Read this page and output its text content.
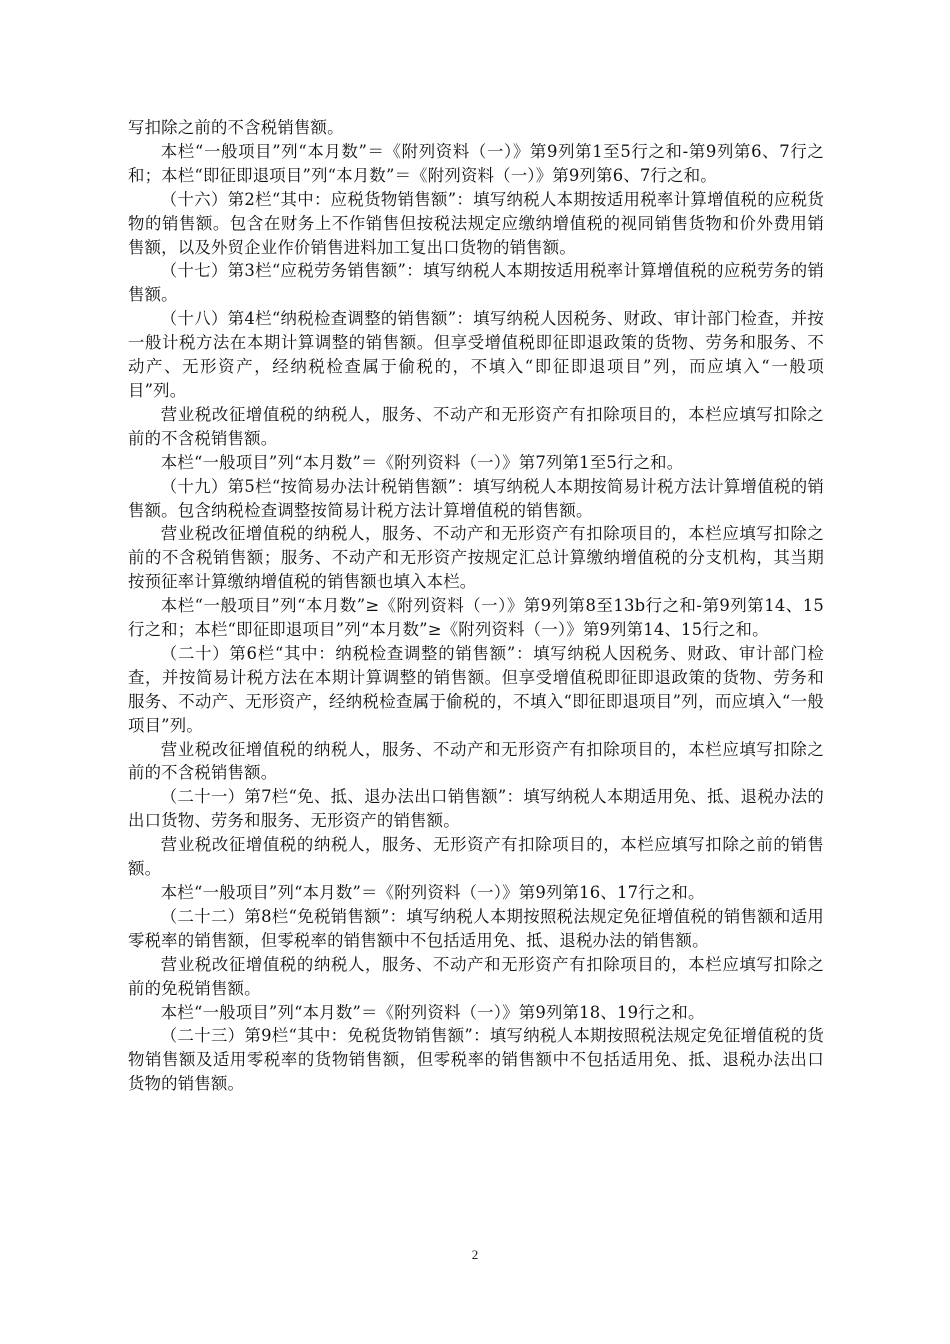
写扣除之前的不含税销售额。

本栏“一般项目”列“本月数”＝《附列资料（一）》第9列第1至5行之和-第9列第6、7行之和；本栏“即征即退项目”列“本月数”＝《附列资料（一）》第9列第6、7行之和。

（十六）第2栏“其中：应税货物销售额”：填写纳税人本期按适用税率计算增值税的应税货物的销售额。包含在财务上不作销售但按税法规定应缴纳增值税的视同销售货物和价外费用销售额，以及外贸企业作价销售进料加工复出口货物的销售额。

（十七）第3栏“应税劳务销售额”：填写纳税人本期按适用税率计算增值税的应税劳务的销售额。

（十八）第4栏“纳税检查调整的销售额”：填写纳税人因税务、财政、审计部门检查，并按一般计税方法在本期计算调整的销售额。但享受增值税即征即退政策的货物、劳务和服务、不动产、无形资产，经纳税检查属于偷税的，不填入“即征即退项目”列，而应填入“一般项目”列。

营业税改征增值税的纳税人，服务、不动产和无形资产有扣除项目的，本栏应填写扣除之前的不含税销售额。

本栏“一般项目”列“本月数”＝《附列资料（一）》第7列第1至5行之和。

（十九）第5栏“按简易办法计税销售额”：填写纳税人本期按简易计税方法计算增值税的销售额。包含纳税检查调整按简易计税方法计算增值税的销售额。

营业税改征增值税的纳税人，服务、不动产和无形资产有扣除项目的，本栏应填写扣除之前的不含税销售额；服务、不动产和无形资产按规定汇总计算缴纳增值税的分支机构，其当期按预征率计算缴纳增值税的销售额也填入本栏。

本栏“一般项目”列“本月数”≥《附列资料（一）》第9列第8至13b行之和-第9列第14、15行之和；本栏“即征即退项目”列“本月数”≥《附列资料（一）》第9列第14、15行之和。

（二十）第6栏“其中：纳税检查调整的销售额”：填写纳税人因税务、财政、审计部门检查，并按简易计税方法在本期计算调整的销售额。但享受增值税即征即退政策的货物、劳务和服务、不动产、无形资产，经纳税检查属于偷税的，不填入“即征即退项目”列，而应填入“一般项目”列。

营业税改征增值税的纳税人，服务、不动产和无形资产有扣除项目的，本栏应填写扣除之前的不含税销售额。

（二十一）第7栏“免、抵、退办法出口销售额”：填写纳税人本期适用免、抵、退税办法的出口货物、劳务和服务、无形资产的销售额。

营业税改征增值税的纳税人，服务、无形资产有扣除项目的，本栏应填写扣除之前的销售额。

本栏“一般项目”列“本月数”＝《附列资料（一）》第9列第16、17行之和。

（二十二）第8栏“免税销售额”：填写纳税人本期按照税法规定免征增值税的销售额和适用零税率的销售额，但零税率的销售额中不包括适用免、抵、退税办法的销售额。

营业税改征增值税的纳税人，服务、不动产和无形资产有扣除项目的，本栏应填写扣除之前的免税销售额。

本栏“一般项目”列“本月数”＝《附列资料（一）》第9列第18、19行之和。

（二十三）第9栏“其中：免税货物销售额”：填写纳税人本期按照税法规定免征增值税的货物销售额及适用零税率的货物销售额，但零税率的销售额中不包括适用免、抵、退税办法出口货物的销售额。

2
